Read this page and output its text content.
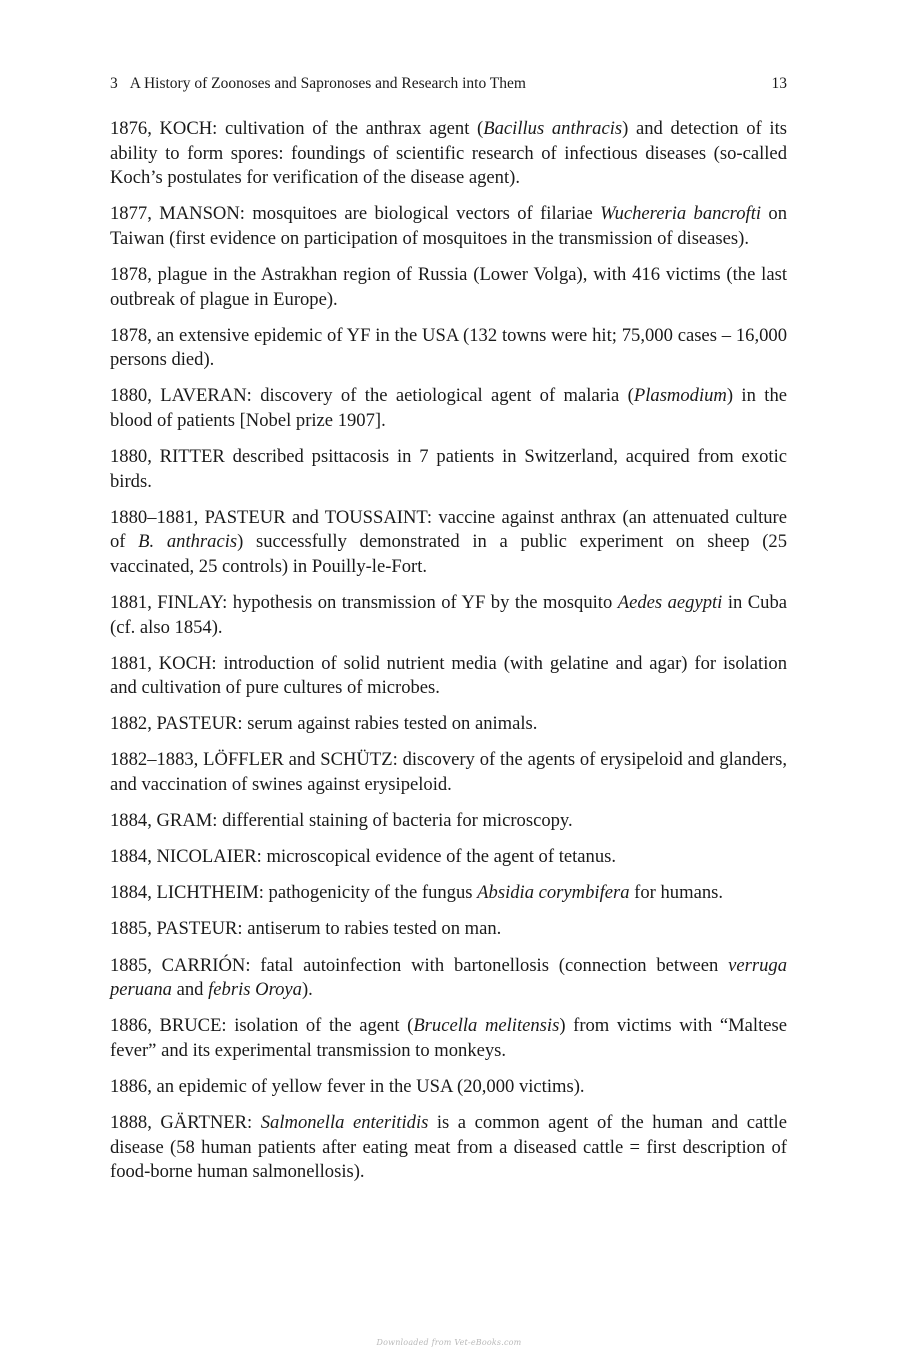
3 A History of Zoonoses and Sapronoses and Research into Them	13

1876, KOCH: cultivation of the anthrax agent (Bacillus anthracis) and detection of its ability to form spores: foundings of scientific research of infectious diseases (so-called Koch’s postulates for verification of the disease agent).

1877, MANSON: mosquitoes are biological vectors of filariae Wuchereria bancrofti on Taiwan (first evidence on participation of mosquitoes in the transmission of diseases).

1878, plague in the Astrakhan region of Russia (Lower Volga), with 416 victims (the last outbreak of plague in Europe).

1878, an extensive epidemic of YF in the USA (132 towns were hit; 75,000 cases – 16,000 persons died).

1880, LAVERAN: discovery of the aetiological agent of malaria (Plasmodium) in the blood of patients [Nobel prize 1907].

1880, RITTER described psittacosis in 7 patients in Switzerland, acquired from exotic birds.

1880–1881, PASTEUR and TOUSSAINT: vaccine against anthrax (an attenuated culture of B. anthracis) successfully demonstrated in a public experiment on sheep (25 vaccinated, 25 controls) in Pouilly-le-Fort.

1881, FINLAY: hypothesis on transmission of YF by the mosquito Aedes aegypti in Cuba (cf. also 1854).

1881, KOCH: introduction of solid nutrient media (with gelatine and agar) for isolation and cultivation of pure cultures of microbes.

1882, PASTEUR: serum against rabies tested on animals.

1882–1883, LÖFFLER and SCHÜTZ: discovery of the agents of erysipeloid and glanders, and vaccination of swines against erysipeloid.

1884, GRAM: differential staining of bacteria for microscopy.

1884, NICOLAIER: microscopical evidence of the agent of tetanus.

1884, LICHTHEIM: pathogenicity of the fungus Absidia corymbifera for humans.

1885, PASTEUR: antiserum to rabies tested on man.

1885, CARRIÓN: fatal autoinfection with bartonellosis (connection between verruga peruana and febris Oroya).

1886, BRUCE: isolation of the agent (Brucella melitensis) from victims with “Maltese fever” and its experimental transmission to monkeys.

1886, an epidemic of yellow fever in the USA (20,000 victims).

1888, GÄRTNER: Salmonella enteritidis is a common agent of the human and cattle disease (58 human patients after eating meat from a diseased cattle = first description of food-borne human salmonellosis).

Downloaded from Vet-eBooks.com
